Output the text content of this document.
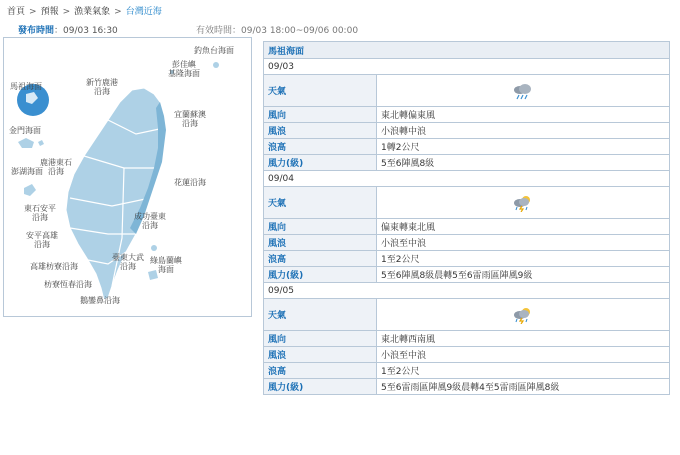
首頁 > 預報 > 漁業氣象 > 台灣近海
發布時間：09/03 16:30	有效時間：09/03 18:00~09/06 00:00
釣魚台海面
彭佳嶼
基隆海面
馬祖海面	新竹鹿港
沿海
宜蘭蘇澳
沿海
金門海面
鹿港東石
沿海
澎湖海面
花蓮沿海
東石安平
沿海	成功臺東
沿海
安平高雄
沿海
高雄枋寮沿海
綠島蘭嶼
海面
臺東大武
沿海
枋寮恆春沿海
鵝鑾鼻沿海
馬祖海面	
09/03	
天氣	
風向	東北轉偏東風
風浪	小浪轉中浪
浪高	1轉2公尺
風力(級)	5至6陣風8級
09/04	
天氣	
風向	偏東轉東北風
風浪	小浪至中浪
浪高	1至2公尺
風力(級)	5至6陣風8級晨轉5至6雷雨區陣風9級
09/05	
天氣	
風向	東北轉西南風
風浪	小浪至中浪
浪高	1至2公尺
風力(級)	5至6雷雨區陣風9級晨轉4至5雷雨區陣風8級
